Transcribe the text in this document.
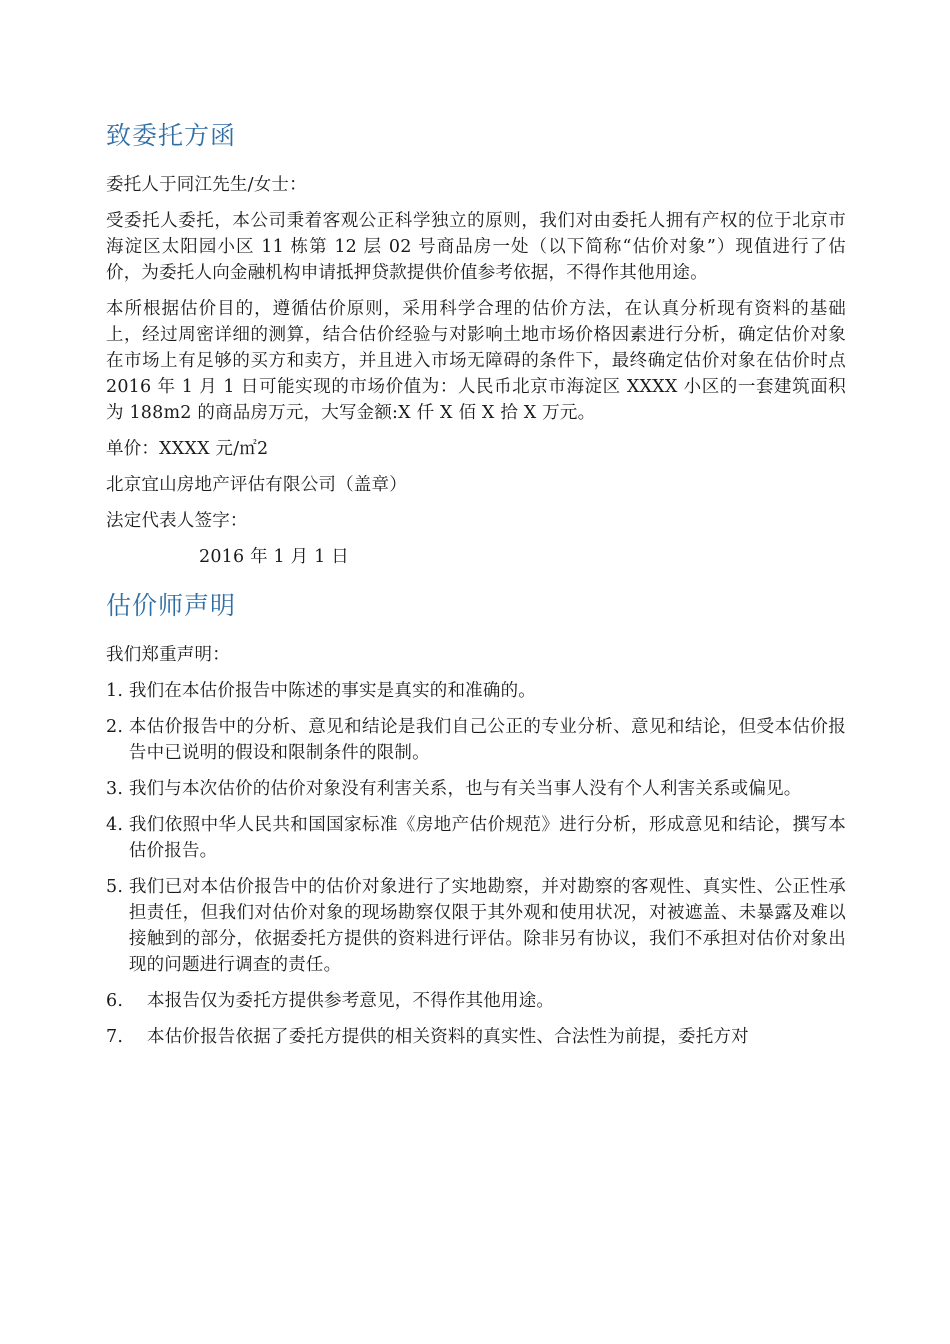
致委托方函

委托人于同江先生/女士：

受委托人委托，本公司秉着客观公正科学独立的原则，我们对由委托人拥有产权的位于北京市海淀区太阳园小区 11 栋第 12 层 02 号商品房一处（以下简称“估价对象”）现值进行了估价，为委托人向金融机构申请抵押贷款提供价值参考依据，不得作其他用途。

本所根据估价目的，遵循估价原则，采用科学合理的估价方法，在认真分析现有资料的基础上，经过周密详细的测算，结合估价经验与对影响土地市场价格因素进行分析，确定估价对象在市场上有足够的买方和卖方，并且进入市场无障碍的条件下，最终确定估价对象在估价时点 2016 年 1 月 1 日可能实现的市场价值为：人民币北京市海淀区 XXXX 小区的一套建筑面积为 188m2 的商品房万元，大写金额:X 仟 X 佰 X 拾 X 万元。

单价：XXXX 元/㎡2

北京宜山房地产评估有限公司（盖章）

法定代表人签字：

2016 年 1 月 1 日

估价师声明

我们郑重声明：

1.
我们在本估价报告中陈述的事实是真实的和准确的。
2.
本估价报告中的分析、意见和结论是我们自己公正的专业分析、意见和结论，但受本估价报告中已说明的假设和限制条件的限制。
3.
我们与本次估价的估价对象没有利害关系，也与有关当事人没有个人利害关系或偏见。
4.
我们依照中华人民共和国国家标准《房地产估价规范》进行分析，形成意见和结论，撰写本估价报告。
5.
我们已对本估价报告中的估价对象进行了实地勘察，并对勘察的客观性、真实性、公正性承担责任，但我们对估价对象的现场勘察仅限于其外观和使用状况，对被遮盖、未暴露及难以接触到的部分，依据委托方提供的资料进行评估。除非另有协议，我们不承担对估价对象出现的问题进行调查的责任。
6.	本报告仅为委托方提供参考意见，不得作其他用途。
7.	本估价报告依据了委托方提供的相关资料的真实性、合法性为前提，委托方对
